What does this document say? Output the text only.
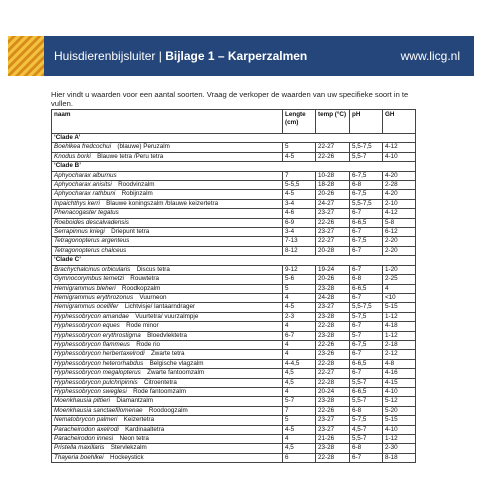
Huisdierenbijsluiter | Bijlage 1 – Karperzalmen	www.licg.nl
Hier vindt u waarden voor een aantal soorten. Vraag de verkoper de waarden van uw specifieke soort in te vullen.
naam	Lengte (cm)	temp (°C)	pH	GH
‘Clade A’				
Boehlkea fredcochui  (blauwe) Peruzalm	5	22-27	5,5-7,5	4-12
Knodus borki  Blauwe tetra /Peru tetra	4-5	22-26	5,5-7	4-10
‘Clade B’				
Aphyocharax alburnus 	7	10-28	6-7,5	4-20
Aphyocharax anisitsi  Roodvinzalm	5-5,5	18-28	6-8	2-28
Aphyocharax rathbuni  Robijnzalm	4-5	20-26	6-7,5	4-20
Inpaichthys kerri  Blauwe koningszalm /blauwe keizertetra	3-4	24-27	5,5-7,5	2-10
Phenacogaster tegatus 	4-6	23-27	6-7	4-12
Roeboides descalvadensis 	6-9	22-26	6-6,5	5-8
Serrapinnus kriegi  Driepunt tetra	3-4	23-27	6-7	6-12
Tetragonopterus argenteus 	7-13	22-27	6-7,5	2-20
Tetragonopterus chalceus 	8-12	20-28	6-7	2-20
‘Clade C’				
Brachychalcinus orbicularis  Discus tetra	9-12	19-24	6-7	1-20
Gymnocorymbus ternetzi  Rouwtetra	5-6	20-26	6-8	2-25
Hemigrammus bleheri  Roodkopzalm	5	23-28	6-6,5	4
Hemigrammus erythrozonus  Vuurneon	4	24-28	6-7	<10
Hemigrammus ocellifer  Lichtvisje/ lantaarndrager	4-5	23-27	5,5-7,5	5-15
Hyphessobrycon amandae  Vuurtetra/ vuurzalmpje	2-3	23-28	5-7,5	1-12
Hyphessobrycon eques  Rode minor	4	22-28	6-7	4-18
Hyphessobrycon erythrostigma  Bloedvlektetra	6-7	23-28	5-7	1-12
Hyphessobrycon flammeus  Rode rio	4	22-26	6-7,5	2-18
Hyphessobrycon herbertaxelrodi  Zwarte tetra	4	23-26	6-7	2-12
Hyphessobrycon heterorhabdus  Belgische vlagzalm	4-4,5	22-28	6-6,5	4-8
Hyphessobrycon megalopterus  Zwarte fantoomzalm	4,5	22-27	6-7	4-16
Hyphessobrycon pulchripinnis  Citroentetra	4,5	22-28	5,5-7	4-15
Hyphessobrycon sweglesi  Rode fantoomzalm	4	20-24	6-6,5	4-10
Moenkhausia pittieri  Diamantzalm	5-7	23-28	5,5-7	5-12
Moenkhausia sanctaefilomenae  Roodoogzalm	7	22-26	6-8	5-20
Nematobrycon palmeri  Keizertetra	5	23-27	5-7,5	5-15
Paracheirodon axelrodi  Kardinaaltetra	4-5	23-27	4,5-7	4-10
Paracheirodon innesi  Neon tetra	4	21-26	5,5-7	1-12
Pristella maxillaris  Stervlekzalm	4,5	23-28	6-8	2-30
Thayeria boehlkei  Hockeystick	6	22-28	6-7	8-18
